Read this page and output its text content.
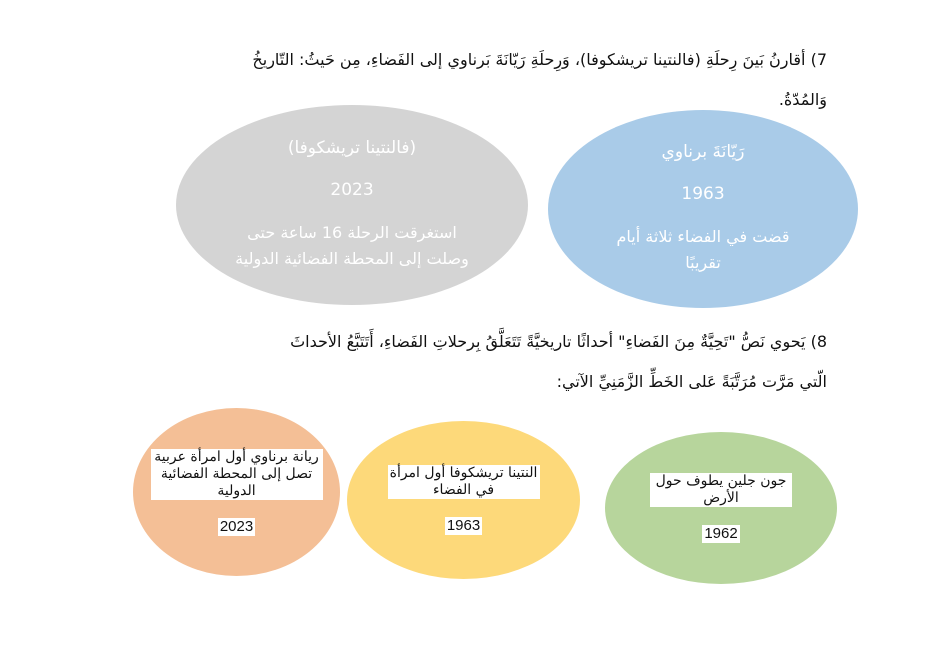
7) أقارنُ بَينَ رِحلَةِ (فالنتينا تريشكوفا)، وَرِحلَةِ رَيّانَةَ بَرناوي إلى الفَضاءِ، مِن حَيثُ: التّاريخُ
وَالمُدّةُ.
(فالنتينا تريشكوفا)
2023
استغرقت الرحلة 16 ساعة حتى
وصلت إلى المحطة الفضائية الدولية
رَيّانَةَ برناوي
1963
قضت في الفضاء ثلاثة أيام
تقريبًا
8) يَحوي نَصُّ "تَحِيَّةٌ مِنَ الفَضاءِ" أحداثًا تاريخيَّةً تَتَعَلَّقُ بِرحلاتِ الفَضاءِ، أَتَتَبَّعُ الأحداثَ
الّتي مَرَّت مُرَتَّبَةً عَلى الخَطِّ الزَّمَنِيِّ الآتي:
ريانة برناوي أول امرأة عربية تصل إلى المحطة الفضائية الدولية
2023
النتينا تريشكوفا أول امرأة في الفضاء
1963
جون جلين يطوف حول الأرض
1962
